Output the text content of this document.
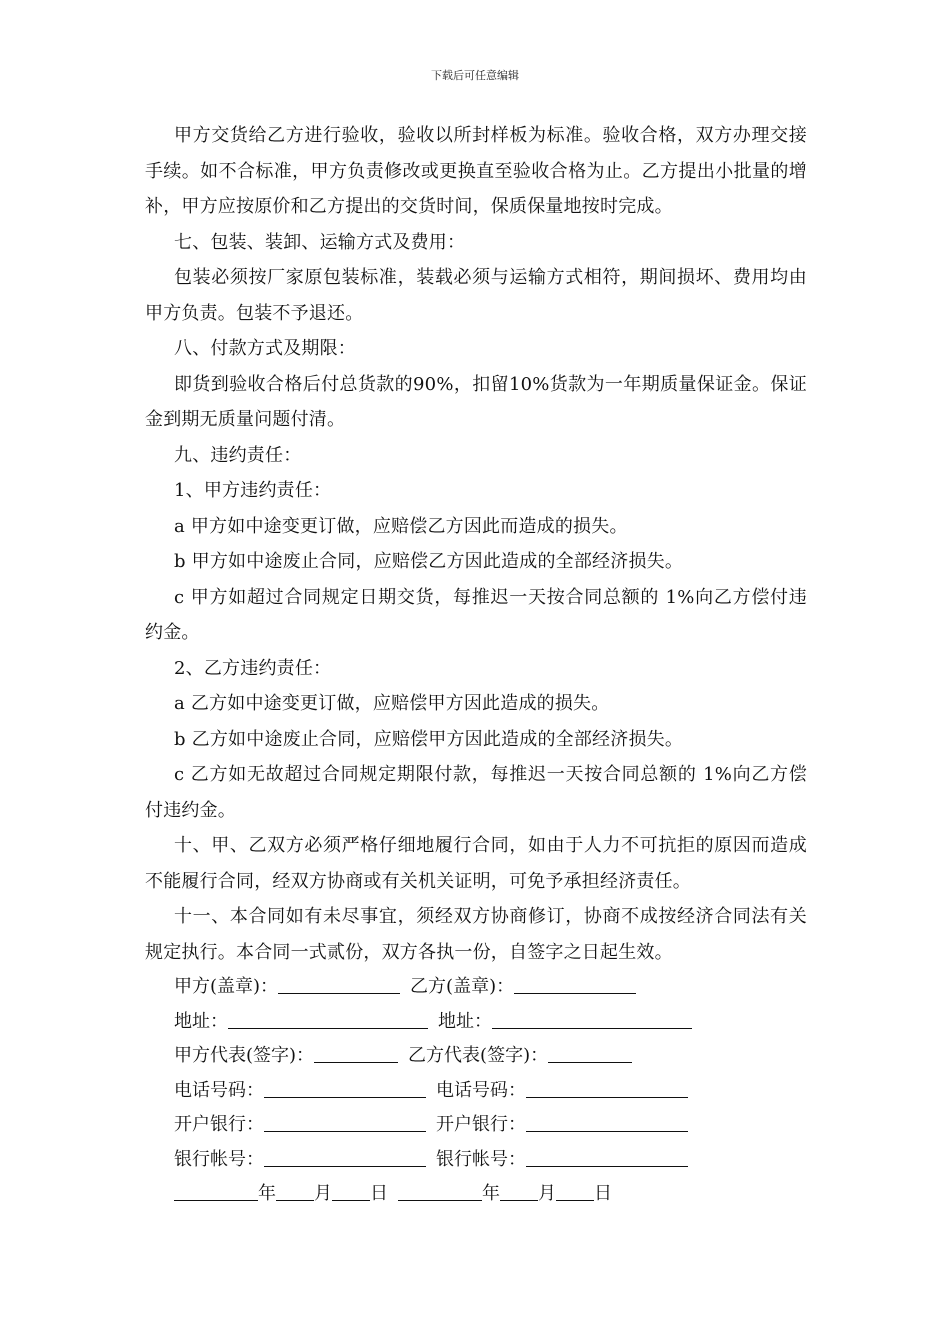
下载后可任意编辑

甲方交货给乙方进行验收，验收以所封样板为标准。验收合格，双方办理交接手续。如不合标准，甲方负责修改或更换直至验收合格为止。乙方提出小批量的增补，甲方应按原价和乙方提出的交货时间，保质保量地按时完成。

七、包装、装卸、运输方式及费用：

包装必须按厂家原包装标准，装载必须与运输方式相符，期间损坏、费用均由甲方负责。包装不予退还。

八、付款方式及期限：

即货到验收合格后付总货款的90%，扣留10%货款为一年期质量保证金。保证金到期无质量问题付清。

九、违约责任：

1、甲方违约责任：

a 甲方如中途变更订做，应赔偿乙方因此而造成的损失。

b 甲方如中途废止合同，应赔偿乙方因此造成的全部经济损失。

c 甲方如超过合同规定日期交货，每推迟一天按合同总额的 1%向乙方偿付违约金。

2、乙方违约责任：

a 乙方如中途变更订做，应赔偿甲方因此造成的损失。

b 乙方如中途废止合同，应赔偿甲方因此造成的全部经济损失。

c 乙方如无故超过合同规定期限付款，每推迟一天按合同总额的 1%向乙方偿付违约金。

十、甲、乙双方必须严格仔细地履行合同，如由于人力不可抗拒的原因而造成不能履行合同，经双方协商或有关机关证明，可免予承担经济责任。

十一、本合同如有未尽事宜，须经双方协商修订，协商不成按经济合同法有关规定执行。本合同一式贰份，双方各执一份，自签字之日起生效。

甲方(盖章)：	乙方(盖章)：
地址：	地址：
甲方代表(签字)：	乙方代表(签字)：
电话号码：	电话号码：
开户银行：	开户银行：
银行帐号：	银行帐号：
年 月 日	年 月 日
